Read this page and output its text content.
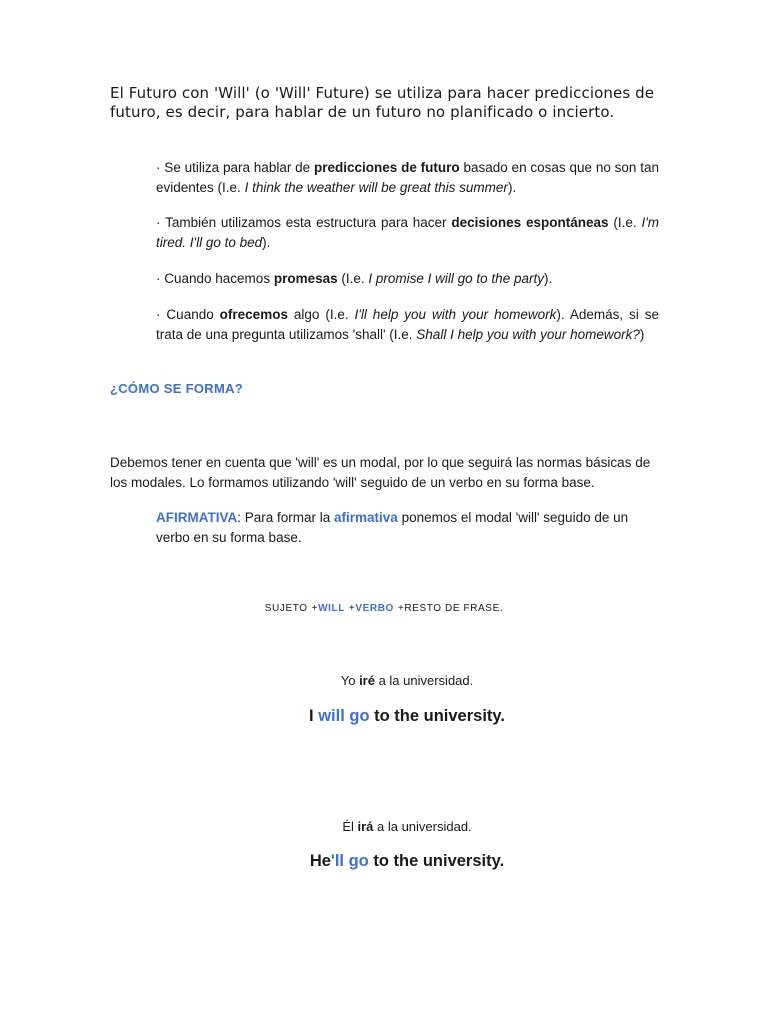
El Futuro con 'Will' (o 'Will' Future) se utiliza para hacer predicciones de futuro, es decir, para hablar de un futuro no planificado o incierto.

· Se utiliza para hablar de predicciones de futuro basado en cosas que no son tan evidentes (I.e. I think the weather will be great this summer).

· También utilizamos esta estructura para hacer decisiones espontáneas (I.e. I'm tired. I'll go to bed).

· Cuando hacemos promesas (I.e. I promise I will go to the party).

· Cuando ofrecemos algo (I.e. I'll help you with your homework). Además, si se trata de una pregunta utilizamos 'shall' (I.e. Shall I help you with your homework?)

¿CÓMO SE FORMA?

Debemos tener en cuenta que 'will' es un modal, por lo que seguirá las normas básicas de los modales. Lo formamos utilizando 'will' seguido de un verbo en su forma base.

AFIRMATIVA: Para formar la afirmativa ponemos el modal 'will' seguido de un verbo en su forma base.

SUJETO +WILL +VERBO +RESTO DE FRASE.
Yo iré a la universidad.
I will go to the university.
Él irá a la universidad.
He'll go to the university.
